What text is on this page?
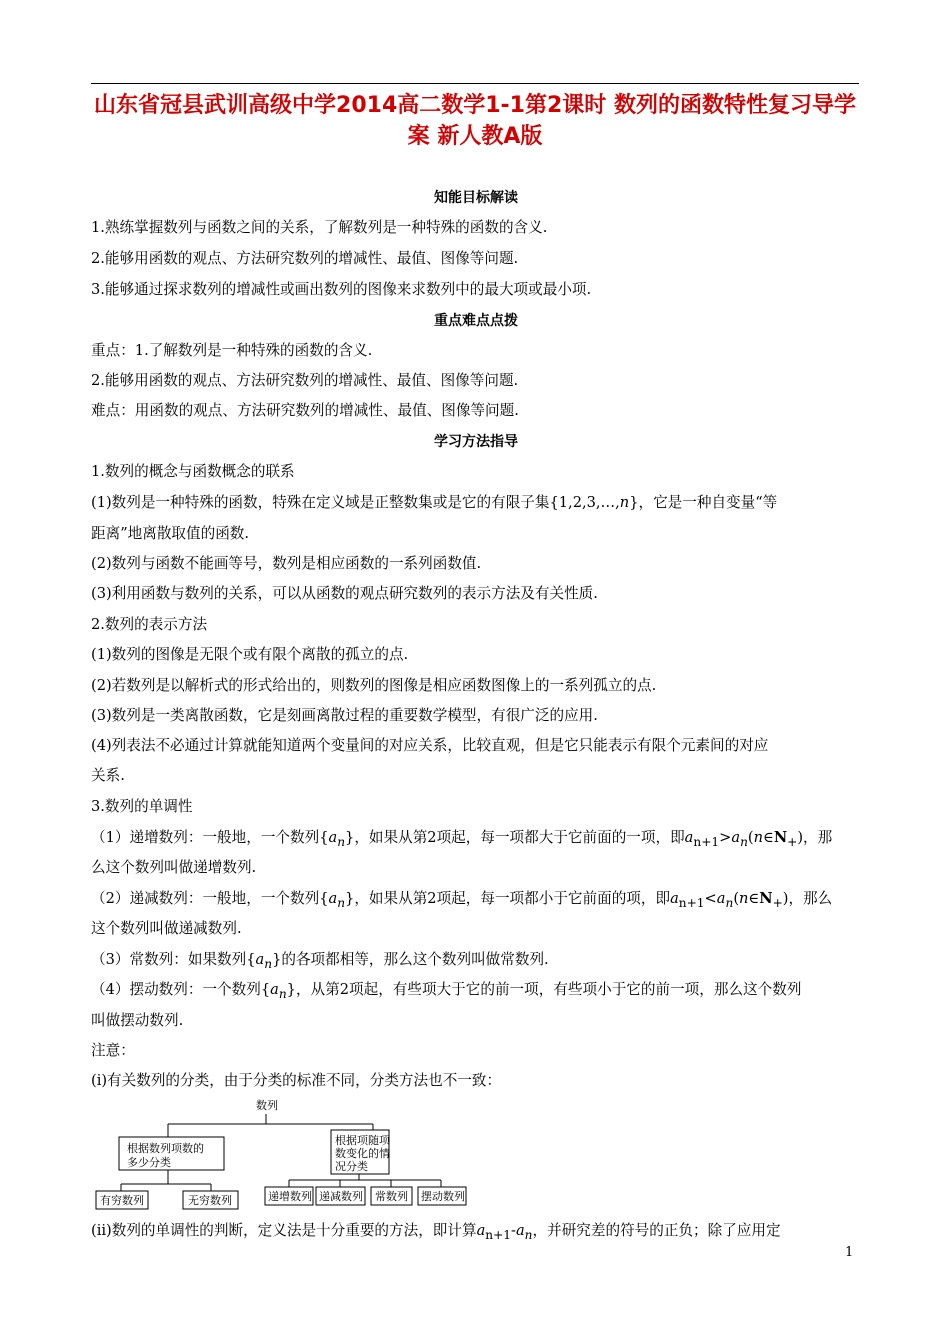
山东省冠县武训高级中学2014高二数学1-1第2课时 数列的函数特性复习导学
案 新人教A版
知能目标解读
1.熟练掌握数列与函数之间的关系，了解数列是一种特殊的函数的含义.
2.能够用函数的观点、方法研究数列的增减性、最值、图像等问题.
3.能够通过探求数列的增减性或画出数列的图像来求数列中的最大项或最小项.
重点难点点拨
重点：1.了解数列是一种特殊的函数的含义.
2.能够用函数的观点、方法研究数列的增减性、最值、图像等问题.
难点：用函数的观点、方法研究数列的增减性、最值、图像等问题.
学习方法指导
1.数列的概念与函数概念的联系
(1)数列是一种特殊的函数，特殊在定义域是正整数集或是它的有限子集{1,2,3,…,n}，它是一种自变量“等
距离”地离散取值的函数.
(2)数列与函数不能画等号，数列是相应函数的一系列函数值.
(3)利用函数与数列的关系，可以从函数的观点研究数列的表示方法及有关性质.
2.数列的表示方法
(1)数列的图像是无限个或有限个离散的孤立的点.
(2)若数列是以解析式的形式给出的，则数列的图像是相应函数图像上的一系列孤立的点.
(3)数列是一类离散函数，它是刻画离散过程的重要数学模型，有很广泛的应用.
(4)列表法不必通过计算就能知道两个变量间的对应关系，比较直观，但是它只能表示有限个元素间的对应
关系.
3.数列的单调性
（1）递增数列：一般地，一个数列$\{a_n\}$，如果从第2项起，每一项都大于它前面的一项，即$a_{n+1}>a_n(n\in N_+)$，那
么这个数列叫做递增数列.
（2）递减数列：一般地，一个数列$\{a_n\}$，如果从第2项起，每一项都小于它前面的项，即$a_{n+1}<a_n(n\in N_+)$，那么
这个数列叫做递减数列.
（3）常数列：如果数列$\{a_n\}$的各项都相等，那么这个数列叫做常数列.
（4）摆动数列：一个数列$\{a_n\}$，从第2项起，有些项大于它的前一项，有些项小于它的前一项，那么这个数列
叫做摆动数列.
注意：
(ⅰ)有关数列的分类，由于分类的标准不同，分类方法也不一致：
数列
根据数列项数的
多少分类
根据项随项
数变化的情
况分类
有穷数列	无穷数列	递增数列 递减数列 常数列 摆动数列
(ⅱ)数列的单调性的判断，定义法是十分重要的方法，即计算$a_{n+1}-a_n$，并研究差的符号的正负；除了应用定
1
